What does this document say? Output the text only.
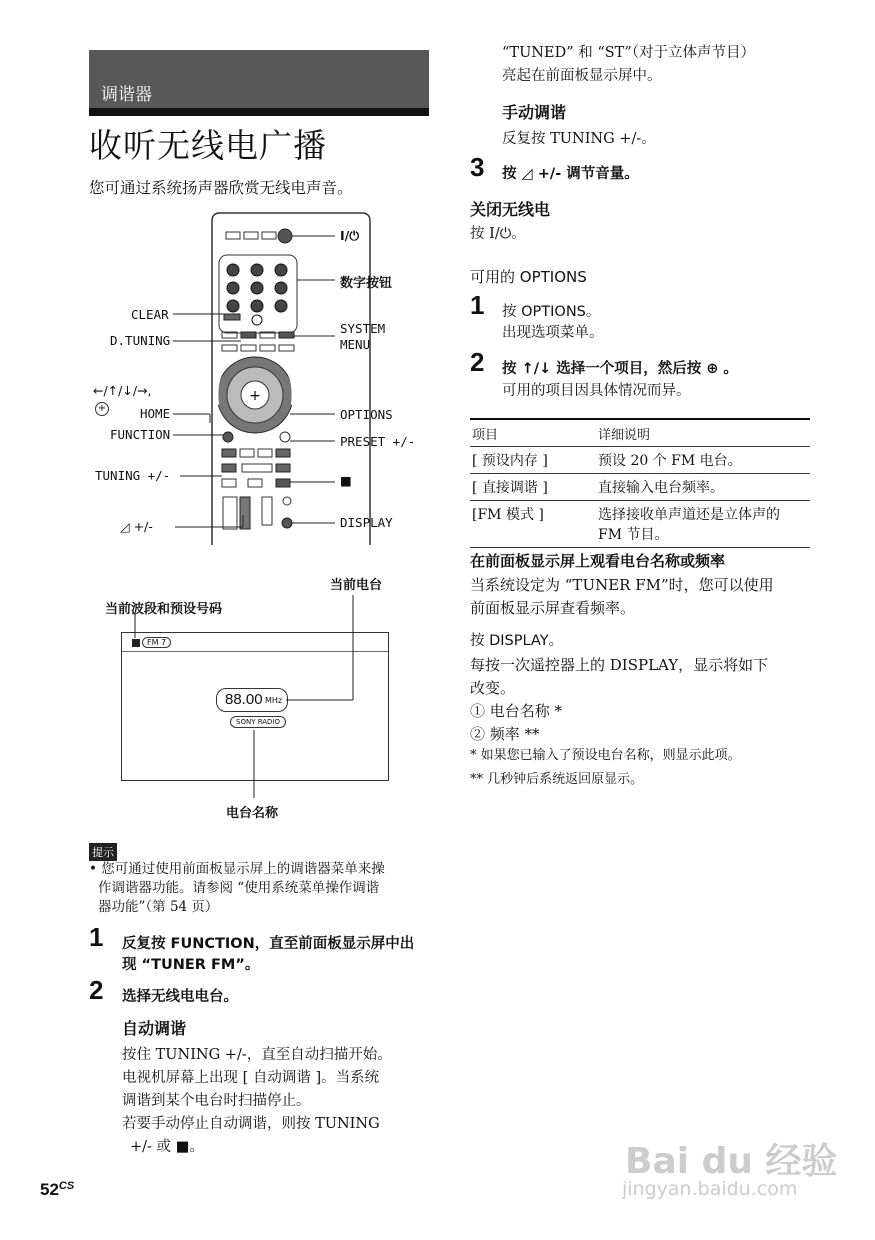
调谐器
收听无线电广播
您可通过系统扬声器欣赏无线电声音。
+
I/⏻
数字按钮
CLEAR
D.TUNING
SYSTEM
MENU
←/↑/↓/→,
+	HOME	OPTIONS
FUNCTION	PRESET +/-
TUNING +/-	■
◿ +/-	DISPLAY
当前波段和预设号码
当前电台
电台名称
FM 7
88.00 MHz
SONY RADIO
提示
• 您可通过使用前面板显示屏上的调谐器菜单来操
作调谐器功能。请参阅 “使用系统菜单操作调谐
器功能”（第 54 页）
1 反复按 FUNCTION，直至前面板显示屏中出
现 “TUNER FM”。
2 选择无线电电台。
自动调谐
按住 TUNING +/-，直至自动扫描开始。
电视机屏幕上出现 [ 自动调谐 ]。当系统
调谐到某个电台时扫描停止。
若要手动停止自动调谐，则按 TUNING
+/- 或 ■。
“TUNED” 和 “ST”（对于立体声节目）
亮起在前面板显示屏中。
手动调谐
反复按 TUNING +/-。
3 按 ◿ +/- 调节音量。
关闭无线电
按 I/⏻。
可用的 OPTIONS
1 按 OPTIONS。
出现选项菜单。
2 按 ↑/↓ 选择一个项目，然后按 ⊕ 。
可用的项目因具体情况而异。
项目	详细说明
[ 预设内存 ]	预设 20 个 FM 电台。
[ 直接调谐 ]	直接输入电台频率。
[FM 模式 ]	选择接收单声道还是立体声的
FM 节目。
在前面板显示屏上观看电台名称或频率
当系统设定为 “TUNER FM”时，您可以使用
前面板显示屏查看频率。
按 DISPLAY。
每按一次遥控器上的 DISPLAY，显示将如下
改变。
① 电台名称 *
② 频率 **
* 如果您已输入了预设电台名称，则显示此项。
** 几秒钟后系统返回原显示。
$52^{CS}$
Bai du 经验
jingyan.baidu.com
